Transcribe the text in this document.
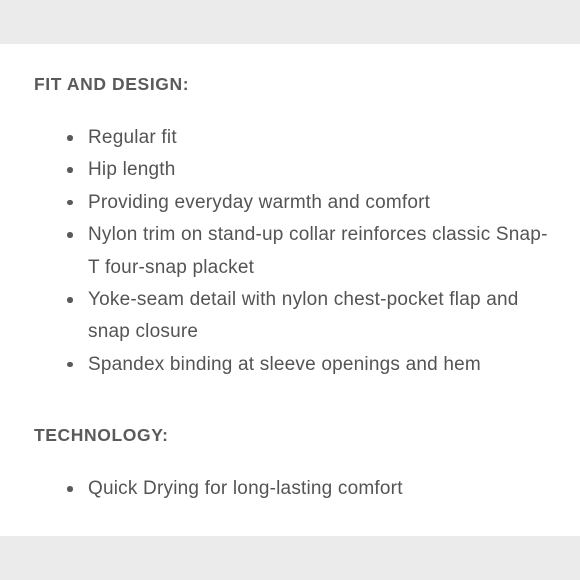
FIT AND DESIGN:
Regular fit
Hip length
Providing everyday warmth and comfort
Nylon trim on stand-up collar reinforces classic Snap-T four-snap placket
Yoke-seam detail with nylon chest-pocket flap and snap closure
Spandex binding at sleeve openings and hem
TECHNOLOGY:
Quick Drying for long-lasting comfort
